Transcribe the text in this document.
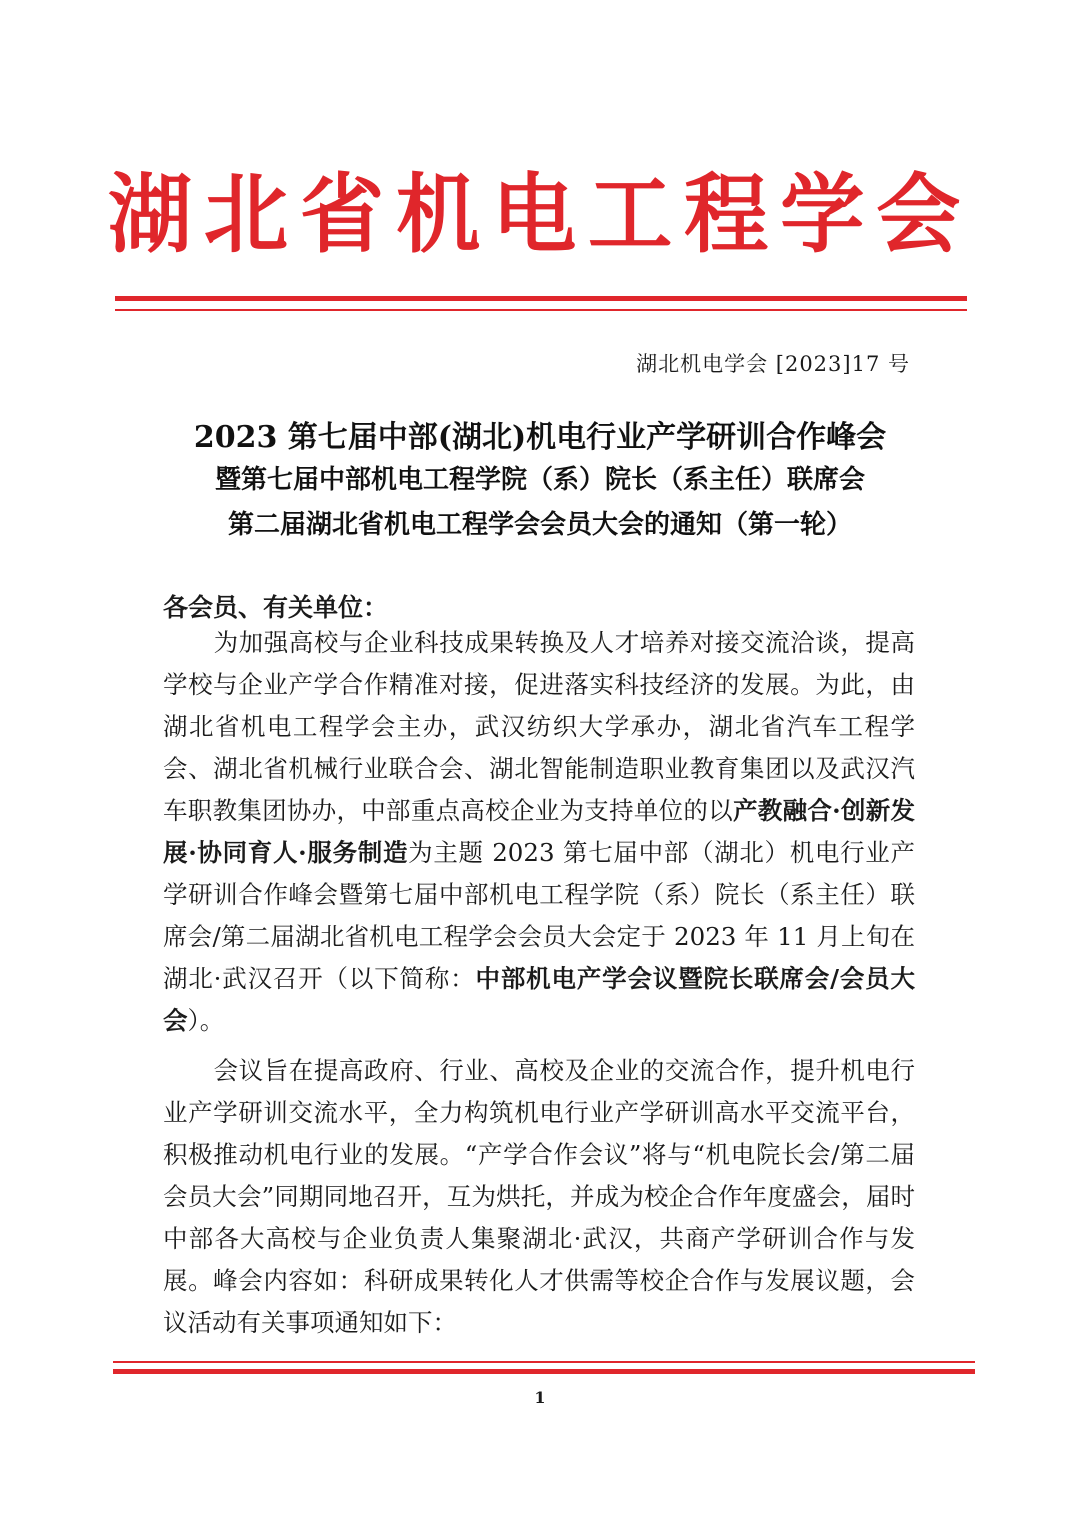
湖北省机电工程学会
湖北机电学会 [2023]17 号
2023 第七届中部(湖北)机电行业产学研训合作峰会
暨第七届中部机电工程学院（系）院长（系主任）联席会
第二届湖北省机电工程学会会员大会的通知（第一轮）
各会员、有关单位：
为加强高校与企业科技成果转换及人才培养对接交流洽谈，提高学校与企业产学合作精准对接，促进落实科技经济的发展。为此，由湖北省机电工程学会主办，武汉纺织大学承办，湖北省汽车工程学会、湖北省机械行业联合会、湖北智能制造职业教育集团以及武汉汽车职教集团协办，中部重点高校企业为支持单位的以产教融合·创新发展·协同育人·服务制造为主题 2023 第七届中部（湖北）机电行业产学研训合作峰会暨第七届中部机电工程学院（系）院长（系主任）联席会/第二届湖北省机电工程学会会员大会定于 2023 年 11 月上旬在湖北·武汉召开（以下简称：中部机电产学会议暨院长联席会/会员大会）。
会议旨在提高政府、行业、高校及企业的交流合作，提升机电行业产学研训交流水平，全力构筑机电行业产学研训高水平交流平台，积极推动机电行业的发展。“产学合作会议”将与“机电院长会/第二届会员大会”同期同地召开，互为烘托，并成为校企合作年度盛会，届时中部各大高校与企业负责人集聚湖北·武汉，共商产学研训合作与发展。峰会内容如：科研成果转化人才供需等校企合作与发展议题，会议活动有关事项通知如下：
1
